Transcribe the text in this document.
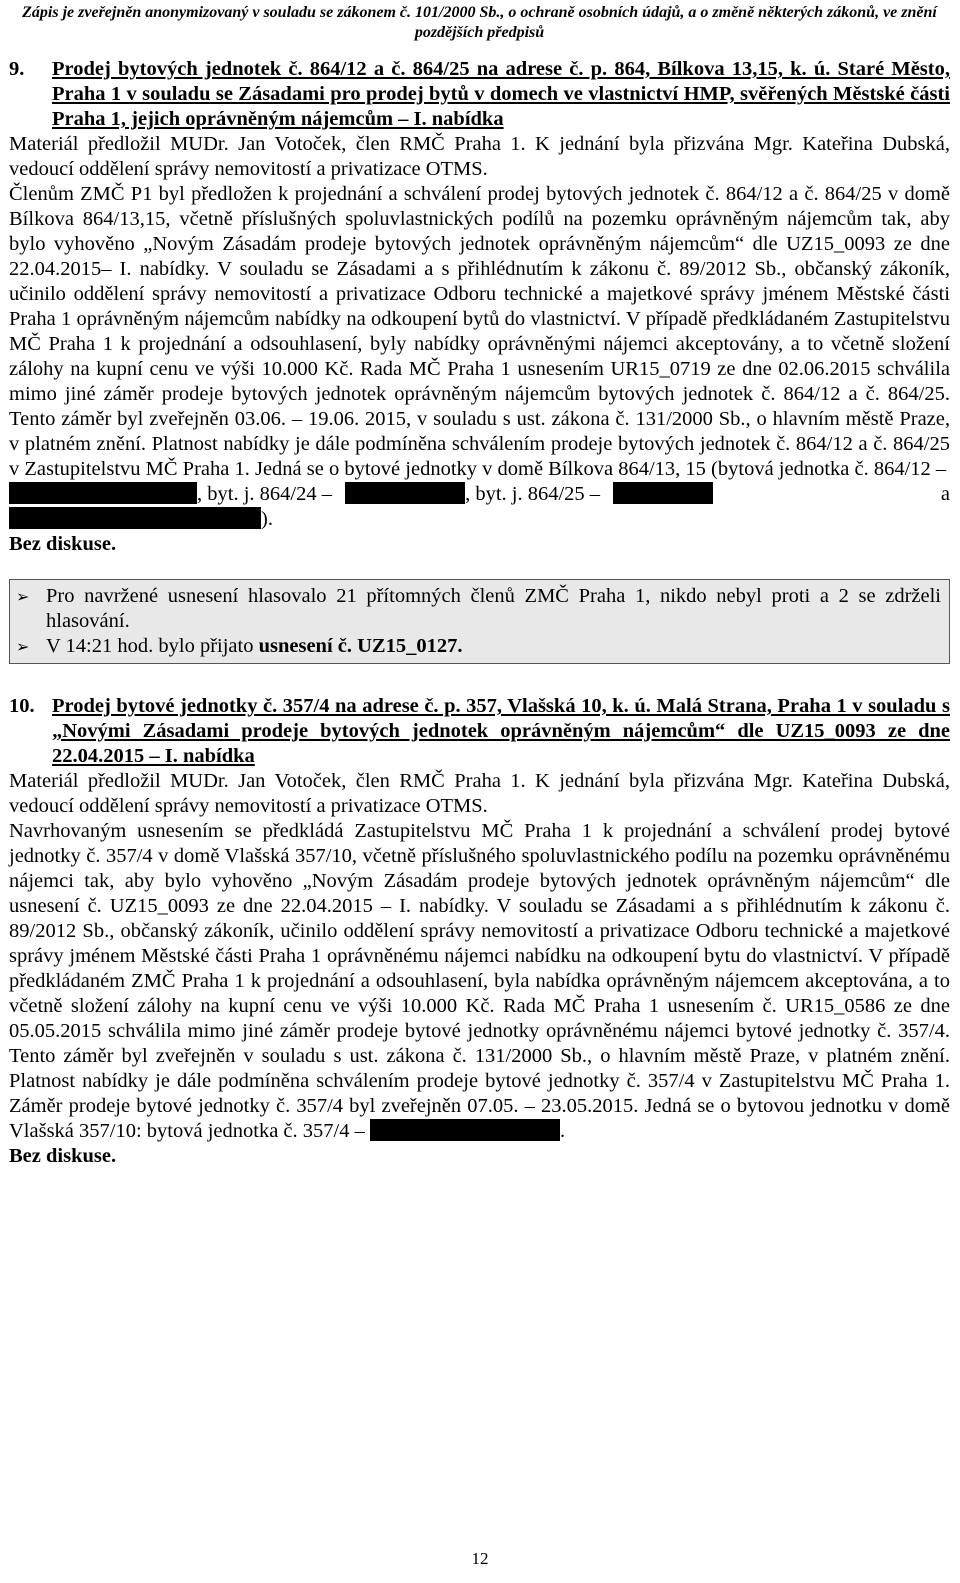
Zápis je zveřejněn anonymizovaný v souladu se zákonem č. 101/2000 Sb., o ochraně osobních údajů, a o změně některých zákonů, ve znění pozdějších předpisů
9.	Prodej bytových jednotek č. 864/12 a č. 864/25 na adrese č. p. 864, Bílkova 13,15, k. ú. Staré Město, Praha 1 v souladu se Zásadami pro prodej bytů v domech ve vlastnictví HMP, svěřených Městské části Praha 1, jejich oprávněným nájemcům – I. nabídka

Materiál předložil MUDr. Jan Votoček, člen RMČ Praha 1. K jednání byla přizvána Mgr. Kateřina Dubská, vedoucí oddělení správy nemovitostí a privatizace OTMS.

Členům ZMČ P1 byl předložen k projednání a schválení prodej bytových jednotek č. 864/12 a č. 864/25 v domě Bílkova 864/13,15, včetně příslušných spoluvlastnických podílů na pozemku oprávněným nájemcům tak, aby bylo vyhověno „Novým Zásadám prodeje bytových jednotek oprávněným nájemcům“ dle UZ15_0093 ze dne 22.04.2015– I. nabídky. V souladu se Zásadami a s přihlédnutím k zákonu č. 89/2012 Sb., občanský zákoník, učinilo oddělení správy nemovitostí a privatizace Odboru technické a majetkové správy jménem Městské části Praha 1 oprávněným nájemcům nabídky na odkoupení bytů do vlastnictví. V případě předkládaném Zastupitelstvu MČ Praha 1 k projednání a odsouhlasení, byly nabídky oprávněnými nájemci akceptovány, a to včetně složení zálohy na kupní cenu ve výši 10.000 Kč. Rada MČ Praha 1 usnesením UR15_0719 ze dne 02.06.2015 schválila mimo jiné záměr prodeje bytových jednotek oprávněným nájemcům bytových jednotek č. 864/12 a č. 864/25. Tento záměr byl zveřejněn 03.06. – 19.06. 2015, v souladu s ust. zákona č. 131/2000 Sb., o hlavním městě Praze, v platném znění. Platnost nabídky je dále podmíněna schválením prodeje bytových jednotek č. 864/12 a č. 864/25 v Zastupitelstvu MČ Praha 1. Jedná se o bytové jednotky v domě Bílkova 864/13, 15 (bytová jednotka č. 864/12 –
, byt. j. 864/24 –	, byt. j. 864/25 –	a

).

Bez diskuse.

➢ Pro navržené usnesení hlasovalo 21 přítomných členů ZMČ Praha 1, nikdo nebyl proti a 2 se zdrželi hlasování.
➢ V 14:21 hod. bylo přijato usnesení č. UZ15_0127.
10. Prodej bytové jednotky č. 357/4 na adrese č. p. 357, Vlašská 10, k. ú. Malá Strana, Praha 1 v souladu s „Novými Zásadami prodeje bytových jednotek oprávněným nájemcům“ dle UZ15_0093 ze dne 22.04.2015 – I. nabídka

Materiál předložil MUDr. Jan Votoček, člen RMČ Praha 1. K jednání byla přizvána Mgr. Kateřina Dubská, vedoucí oddělení správy nemovitostí a privatizace OTMS.

Navrhovaným usnesením se předkládá Zastupitelstvu MČ Praha 1 k projednání a schválení prodej bytové jednotky č. 357/4 v domě Vlašská 357/10, včetně příslušného spoluvlastnického podílu na pozemku oprávněnému nájemci tak, aby bylo vyhověno „Novým Zásadám prodeje bytových jednotek oprávněným nájemcům“ dle usnesení č. UZ15_0093 ze dne 22.04.2015 – I. nabídky. V souladu se Zásadami a s přihlédnutím k zákonu č. 89/2012 Sb., občanský zákoník, učinilo oddělení správy nemovitostí a privatizace Odboru technické a majetkové správy jménem Městské části Praha 1 oprávněnému nájemci nabídku na odkoupení bytu do vlastnictví. V případě předkládaném ZMČ Praha 1 k projednání a odsouhlasení, byla nabídka oprávněným nájemcem akceptována, a to včetně složení zálohy na kupní cenu ve výši 10.000 Kč. Rada MČ Praha 1 usnesením č. UR15_0586 ze dne 05.05.2015 schválila mimo jiné záměr prodeje bytové jednotky oprávněnému nájemci bytové jednotky č. 357/4. Tento záměr byl zveřejněn v souladu s ust. zákona č. 131/2000 Sb., o hlavním městě Praze, v platném znění. Platnost nabídky je dále podmíněna schválením prodeje bytové jednotky č. 357/4 v Zastupitelstvu MČ Praha 1. Záměr prodeje bytové jednotky č. 357/4 byl zveřejněn 07.05. – 23.05.2015. Jedná se o bytovou jednotku v domě Vlašská 357/10: bytová jednotka č. 357/4 –	.

Bez diskuse.

12
